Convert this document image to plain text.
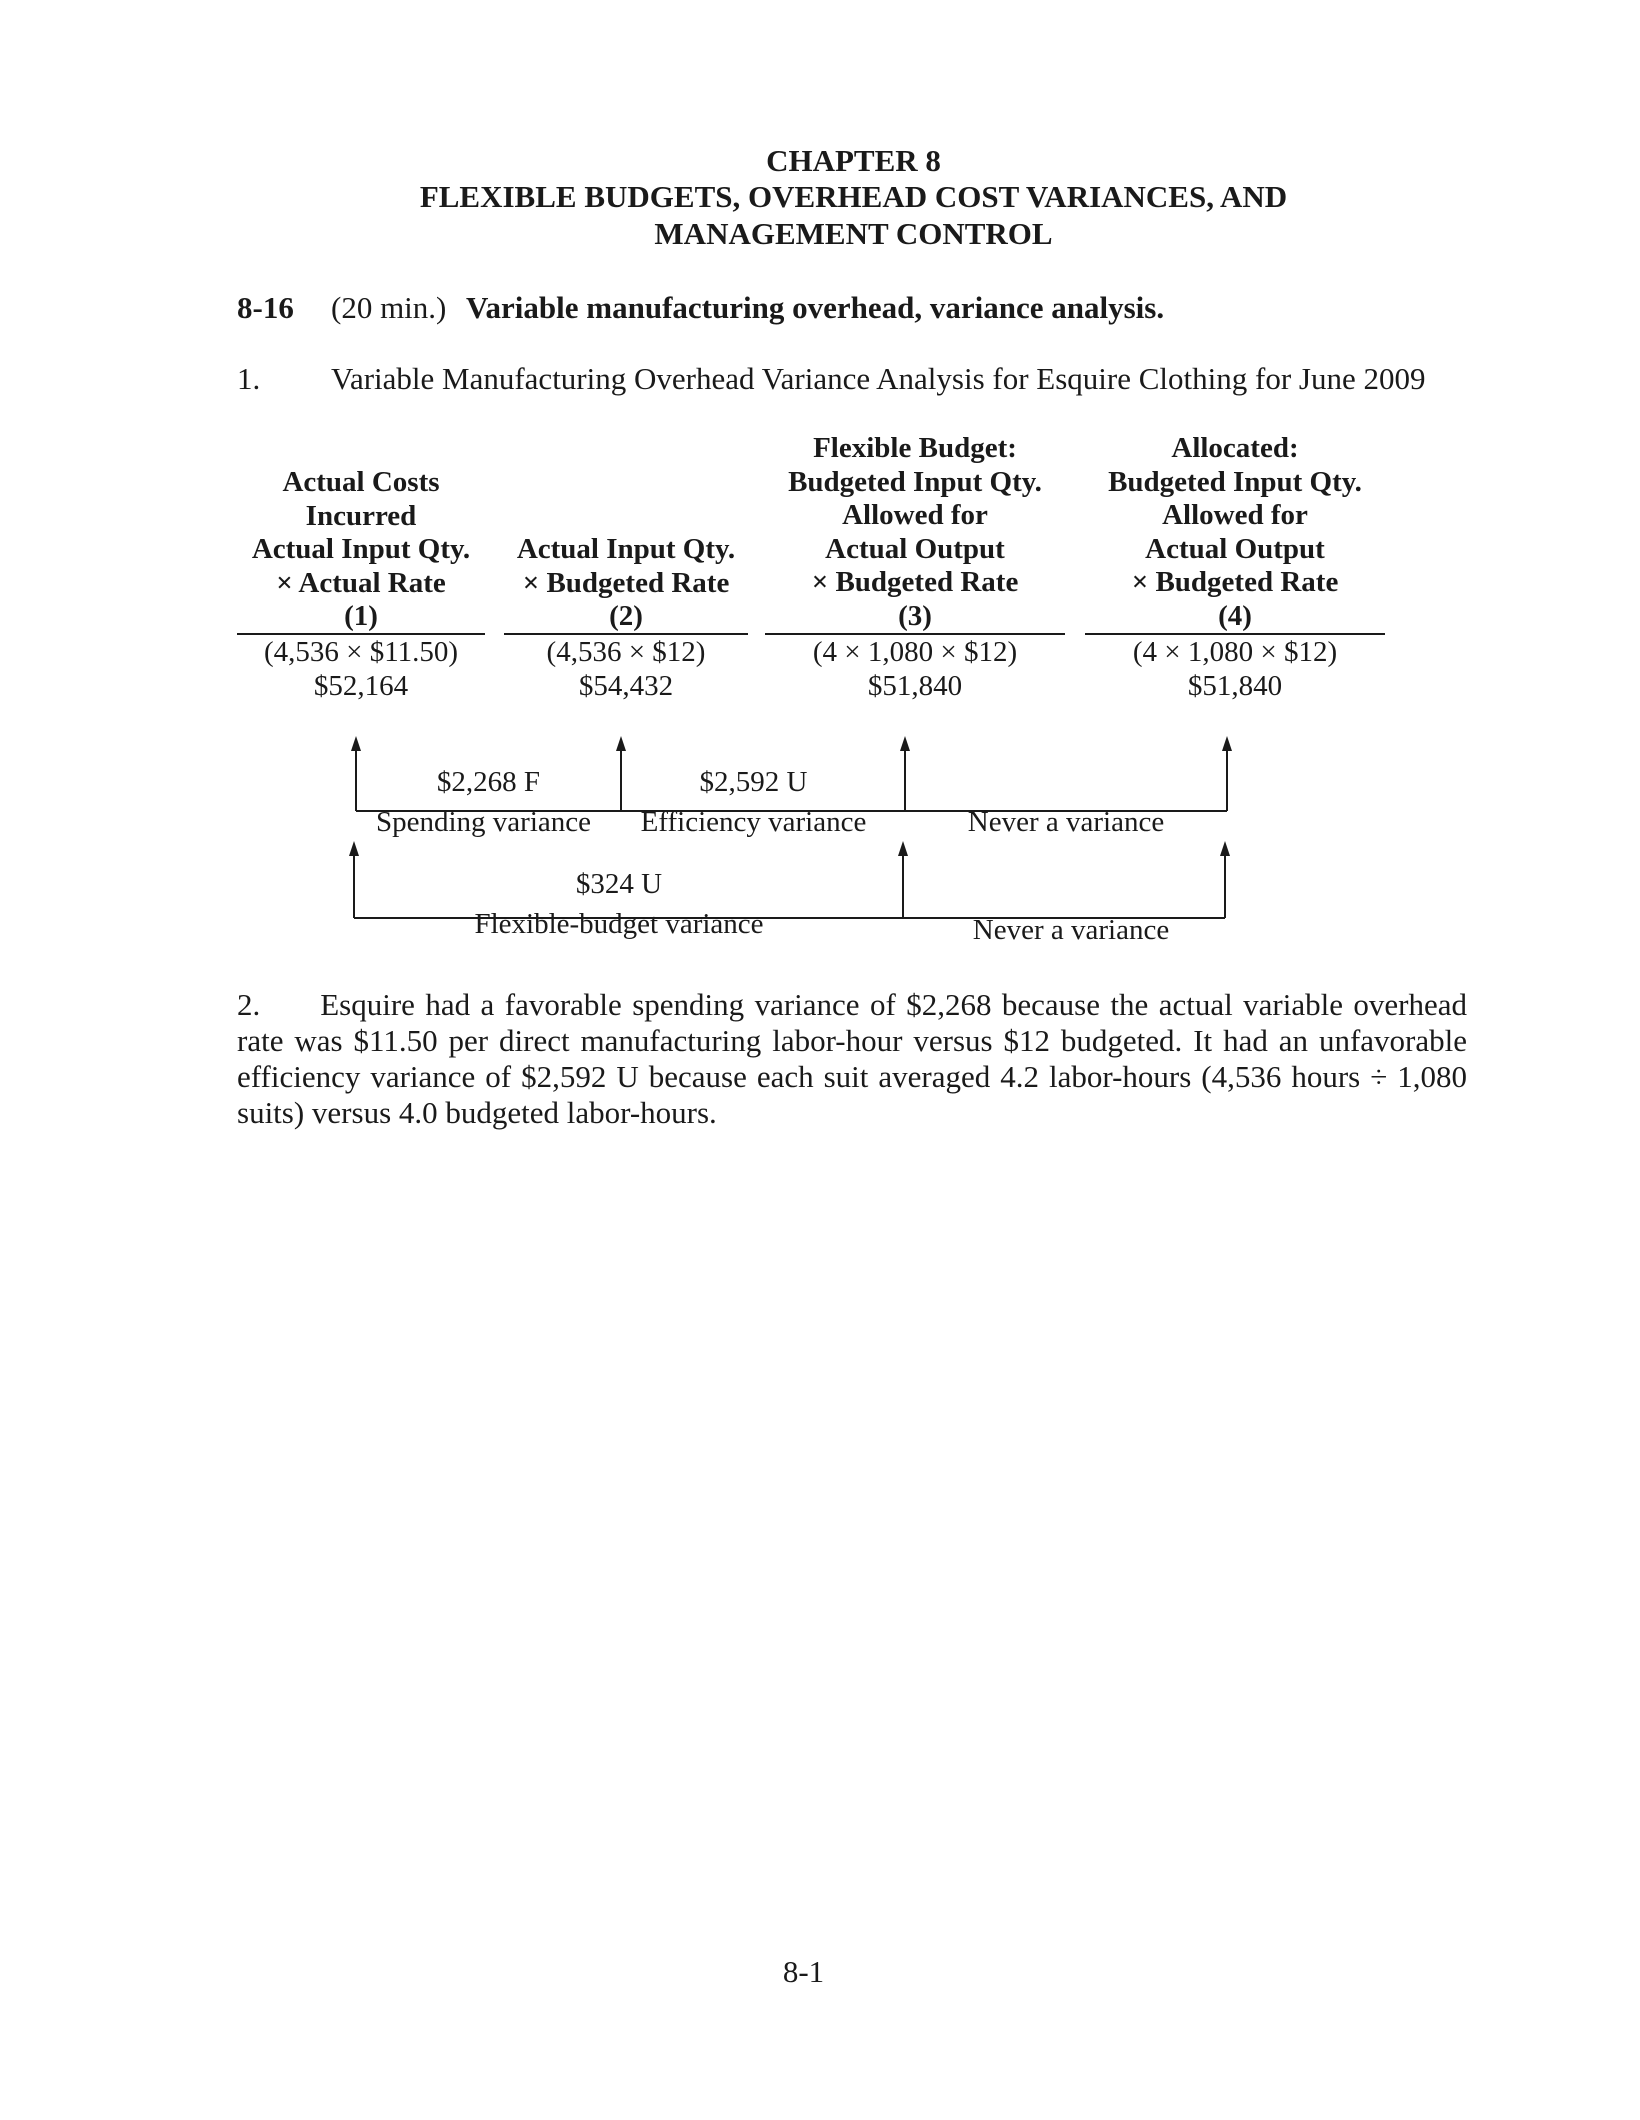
CHAPTER 8
FLEXIBLE BUDGETS, OVERHEAD COST VARIANCES, AND
MANAGEMENT CONTROL
8-16 (20 min.) Variable manufacturing overhead, variance analysis.
1. Variable Manufacturing Overhead Variance Analysis for Esquire Clothing for June 2009
Actual Costs
Incurred
Actual Input Qty.
× Actual Rate
(1)
Actual Input Qty.
× Budgeted Rate
(2)
Flexible Budget:
Budgeted Input Qty.
Allowed for
Actual Output
× Budgeted Rate
(3)
Allocated:
Budgeted Input Qty.
Allowed for
Actual Output
× Budgeted Rate
(4)
(4,536 × $11.50)
$52,164
(4,536 × $12)
$54,432
(4 × 1,080 × $12)
$51,840
(4 × 1,080 × $12)
$51,840
$2,268 F
Spending variance
$2,592 U
Efficiency variance	Never a variance
$324 U
Flexible-budget variance	Never a variance
2. Esquire had a favorable spending variance of $2,268 because the actual variable overhead
rate was $11.50 per direct manufacturing labor-hour versus $12 budgeted. It had an unfavorable
efficiency variance of $2,592 U because each suit averaged 4.2 labor-hours (4,536 hours ÷ 1,080
suits) versus 4.0 budgeted labor-hours.
8-1
